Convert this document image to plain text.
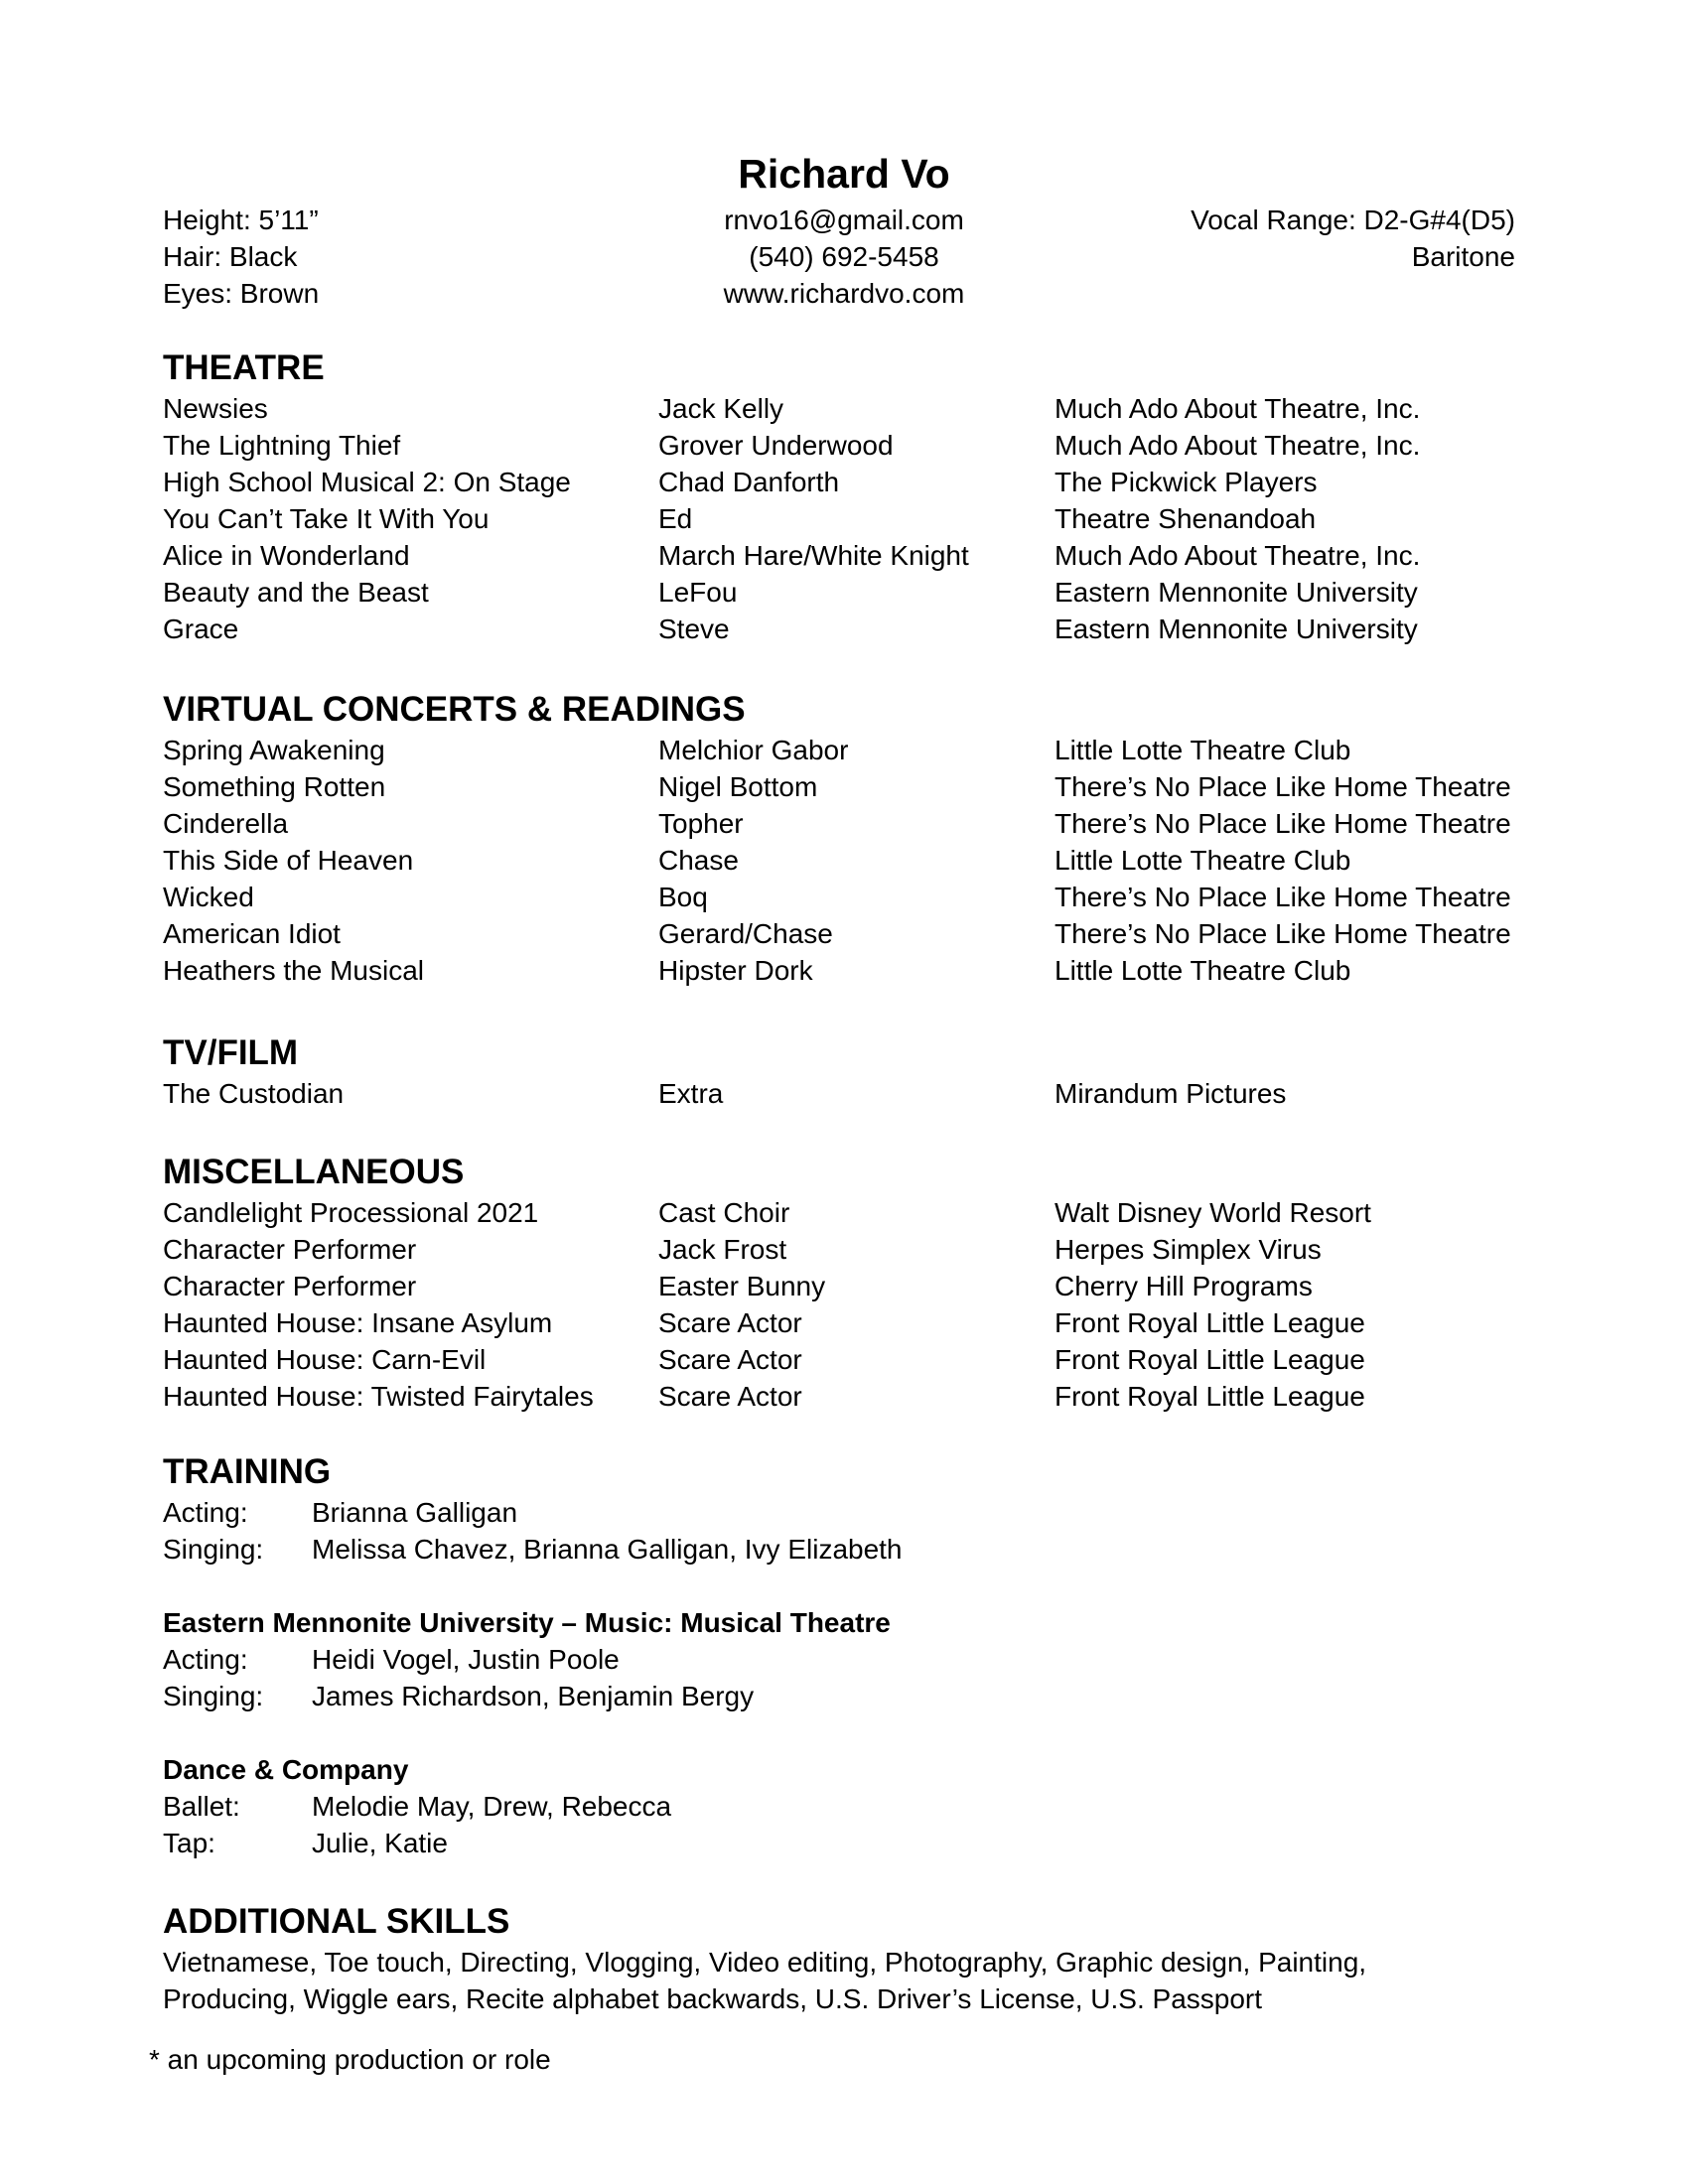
Richard Vo
Height: 5’11”
Hair: Black
Eyes: Brown
rnvo16@gmail.com
(540) 692-5458
www.richardvo.com
Vocal Range: D2-G#4(D5)
Baritone
THEATRE
Newsies	Jack Kelly	Much Ado About Theatre, Inc.
The Lightning Thief	Grover Underwood	Much Ado About Theatre, Inc.
High School Musical 2: On Stage	Chad Danforth	The Pickwick Players
You Can’t Take It With You	Ed	Theatre Shenandoah
Alice in Wonderland	March Hare/White Knight	Much Ado About Theatre, Inc.
Beauty and the Beast	LeFou	Eastern Mennonite University
Grace	Steve	Eastern Mennonite University
VIRTUAL CONCERTS & READINGS
Spring Awakening	Melchior Gabor	Little Lotte Theatre Club
Something Rotten	Nigel Bottom	There’s No Place Like Home Theatre
Cinderella	Topher	There’s No Place Like Home Theatre
This Side of Heaven	Chase	Little Lotte Theatre Club
Wicked	Boq	There’s No Place Like Home Theatre
American Idiot	Gerard/Chase	There’s No Place Like Home Theatre
Heathers the Musical	Hipster Dork	Little Lotte Theatre Club
TV/FILM
The Custodian	Extra	Mirandum Pictures
MISCELLANEOUS
Candlelight Processional 2021	Cast Choir	Walt Disney World Resort
Character Performer	Jack Frost	Herpes Simplex Virus
Character Performer	Easter Bunny	Cherry Hill Programs
Haunted House: Insane Asylum	Scare Actor	Front Royal Little League
Haunted House: Carn-Evil	Scare Actor	Front Royal Little League
Haunted House: Twisted Fairytales	Scare Actor	Front Royal Little League
TRAINING
Acting:	Brianna Galligan
Singing:	Melissa Chavez, Brianna Galligan, Ivy Elizabeth
Eastern Mennonite University – Music: Musical Theatre
Acting:	Heidi Vogel, Justin Poole
Singing:	James Richardson, Benjamin Bergy
Dance & Company
Ballet:	Melodie May, Drew, Rebecca
Tap:	Julie, Katie
ADDITIONAL SKILLS
Vietnamese, Toe touch, Directing, Vlogging, Video editing, Photography, Graphic design, Painting,
Producing, Wiggle ears, Recite alphabet backwards, U.S. Driver’s License, U.S. Passport
* an upcoming production or role
